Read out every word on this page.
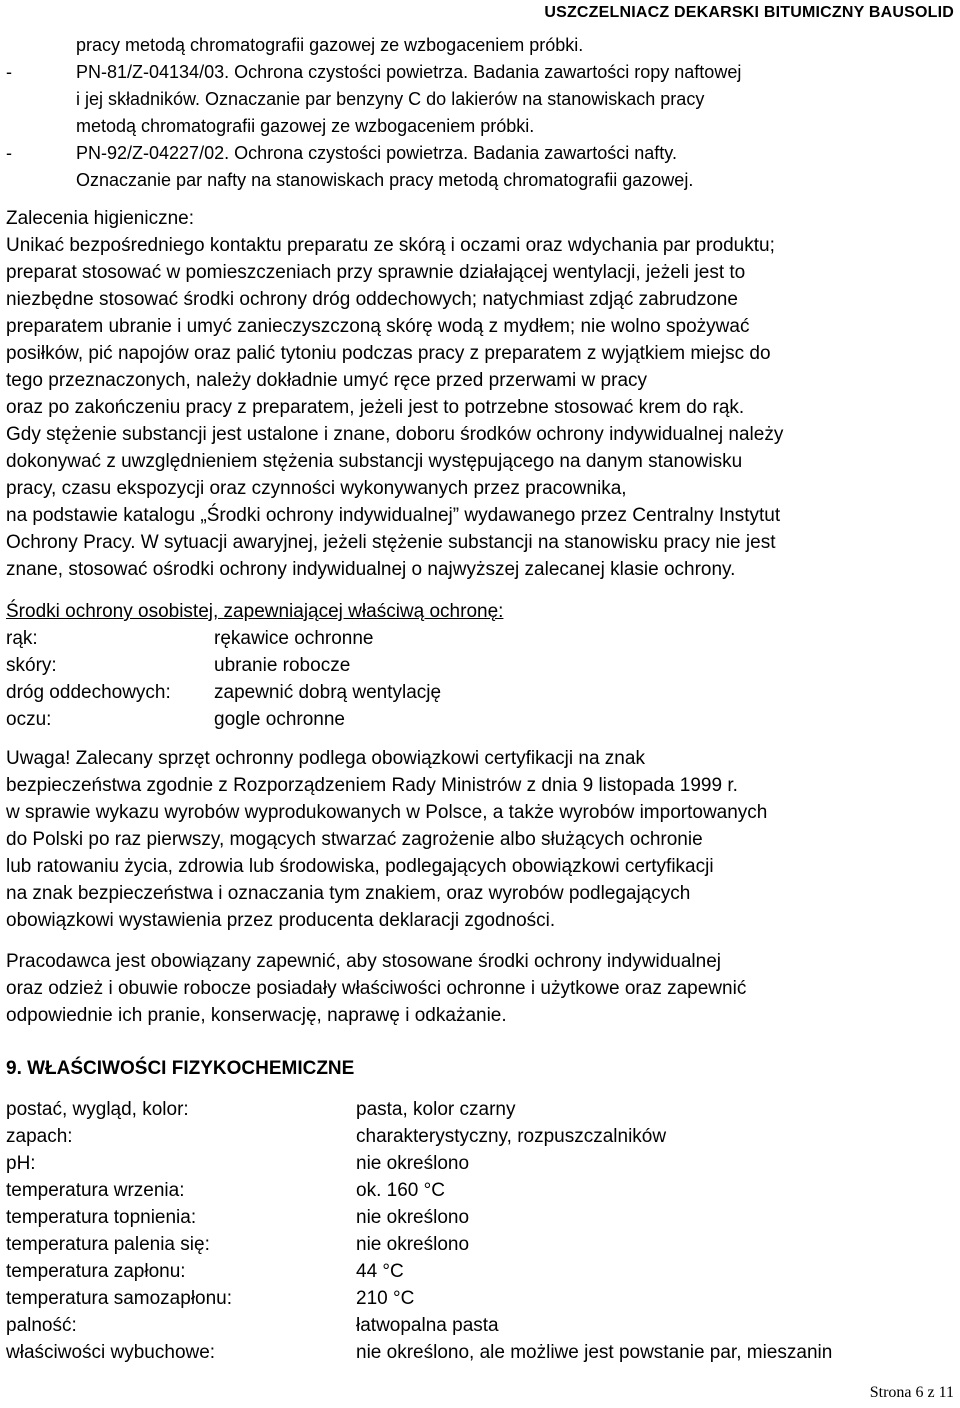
USZCZELNIACZ DEKARSKI BITUMICZNY BAUSOLID
pracy metodą chromatografii gazowej ze wzbogaceniem próbki.
-	PN-81/Z-04134/03. Ochrona czystości powietrza. Badania zawartości ropy naftowej
i jej składników. Oznaczanie par benzyny C do lakierów na stanowiskach pracy
metodą chromatografii gazowej ze wzbogaceniem próbki.
-	PN-92/Z-04227/02. Ochrona czystości powietrza. Badania zawartości nafty.
Oznaczanie par nafty na stanowiskach pracy metodą chromatografii gazowej.
Zalecenia higieniczne:
Unikać bezpośredniego kontaktu preparatu ze skórą i oczami oraz wdychania par produktu;
preparat stosować w pomieszczeniach przy sprawnie działającej wentylacji, jeżeli jest to
niezbędne stosować środki ochrony dróg oddechowych; natychmiast zdjąć zabrudzone
preparatem ubranie i umyć zanieczyszczoną skórę wodą z mydłem; nie wolno spożywać
posiłków, pić napojów oraz palić tytoniu podczas pracy z preparatem z wyjątkiem miejsc do
tego przeznaczonych, należy dokładnie umyć ręce przed przerwami w pracy
oraz po zakończeniu pracy z preparatem, jeżeli jest to potrzebne stosować krem do rąk.
Gdy stężenie substancji jest ustalone i znane, doboru środków ochrony indywidualnej należy
dokonywać z uwzględnieniem stężenia substancji występującego na danym stanowisku
pracy, czasu ekspozycji oraz czynności wykonywanych przez pracownika,
na podstawie katalogu „Środki ochrony indywidualnej” wydawanego przez Centralny Instytut
Ochrony Pracy. W sytuacji awaryjnej, jeżeli stężenie substancji na stanowisku pracy nie jest
znane, stosować ośrodki ochrony indywidualnej o najwyższej zalecanej klasie ochrony.
Środki ochrony osobistej, zapewniającej właściwą ochronę:
rąk:	rękawice ochronne
skóry:	ubranie robocze
dróg oddechowych:	zapewnić dobrą wentylację
oczu:	gogle ochronne
Uwaga! Zalecany sprzęt ochronny podlega obowiązkowi certyfikacji na znak
bezpieczeństwa zgodnie z Rozporządzeniem Rady Ministrów z dnia 9 listopada 1999 r.
w sprawie wykazu wyrobów wyprodukowanych w Polsce, a także wyrobów importowanych
do Polski po raz pierwszy, mogących stwarzać zagrożenie albo służących ochronie
lub ratowaniu życia, zdrowia lub środowiska, podlegających obowiązkowi certyfikacji
na znak bezpieczeństwa i oznaczania tym znakiem, oraz wyrobów podlegających
obowiązkowi wystawienia przez producenta deklaracji zgodności.
Pracodawca jest obowiązany zapewnić, aby stosowane środki ochrony indywidualnej
oraz odzież i obuwie robocze posiadały właściwości ochronne i użytkowe oraz zapewnić
odpowiednie ich pranie, konserwację, naprawę i odkażanie.
9. WŁAŚCIWOŚCI FIZYKOCHEMICZNE
postać, wygląd, kolor:	pasta, kolor czarny
zapach:	charakterystyczny, rozpuszczalników
pH:	nie określono
temperatura wrzenia:	ok. 160 °C
temperatura topnienia:	nie określono
temperatura palenia się:	nie określono
temperatura zapłonu:	44 °C
temperatura samozapłonu:	210 °C
palność:	łatwopalna pasta
właściwości wybuchowe:	nie określono, ale możliwe jest powstanie par, mieszanin
Strona 6 z 11
